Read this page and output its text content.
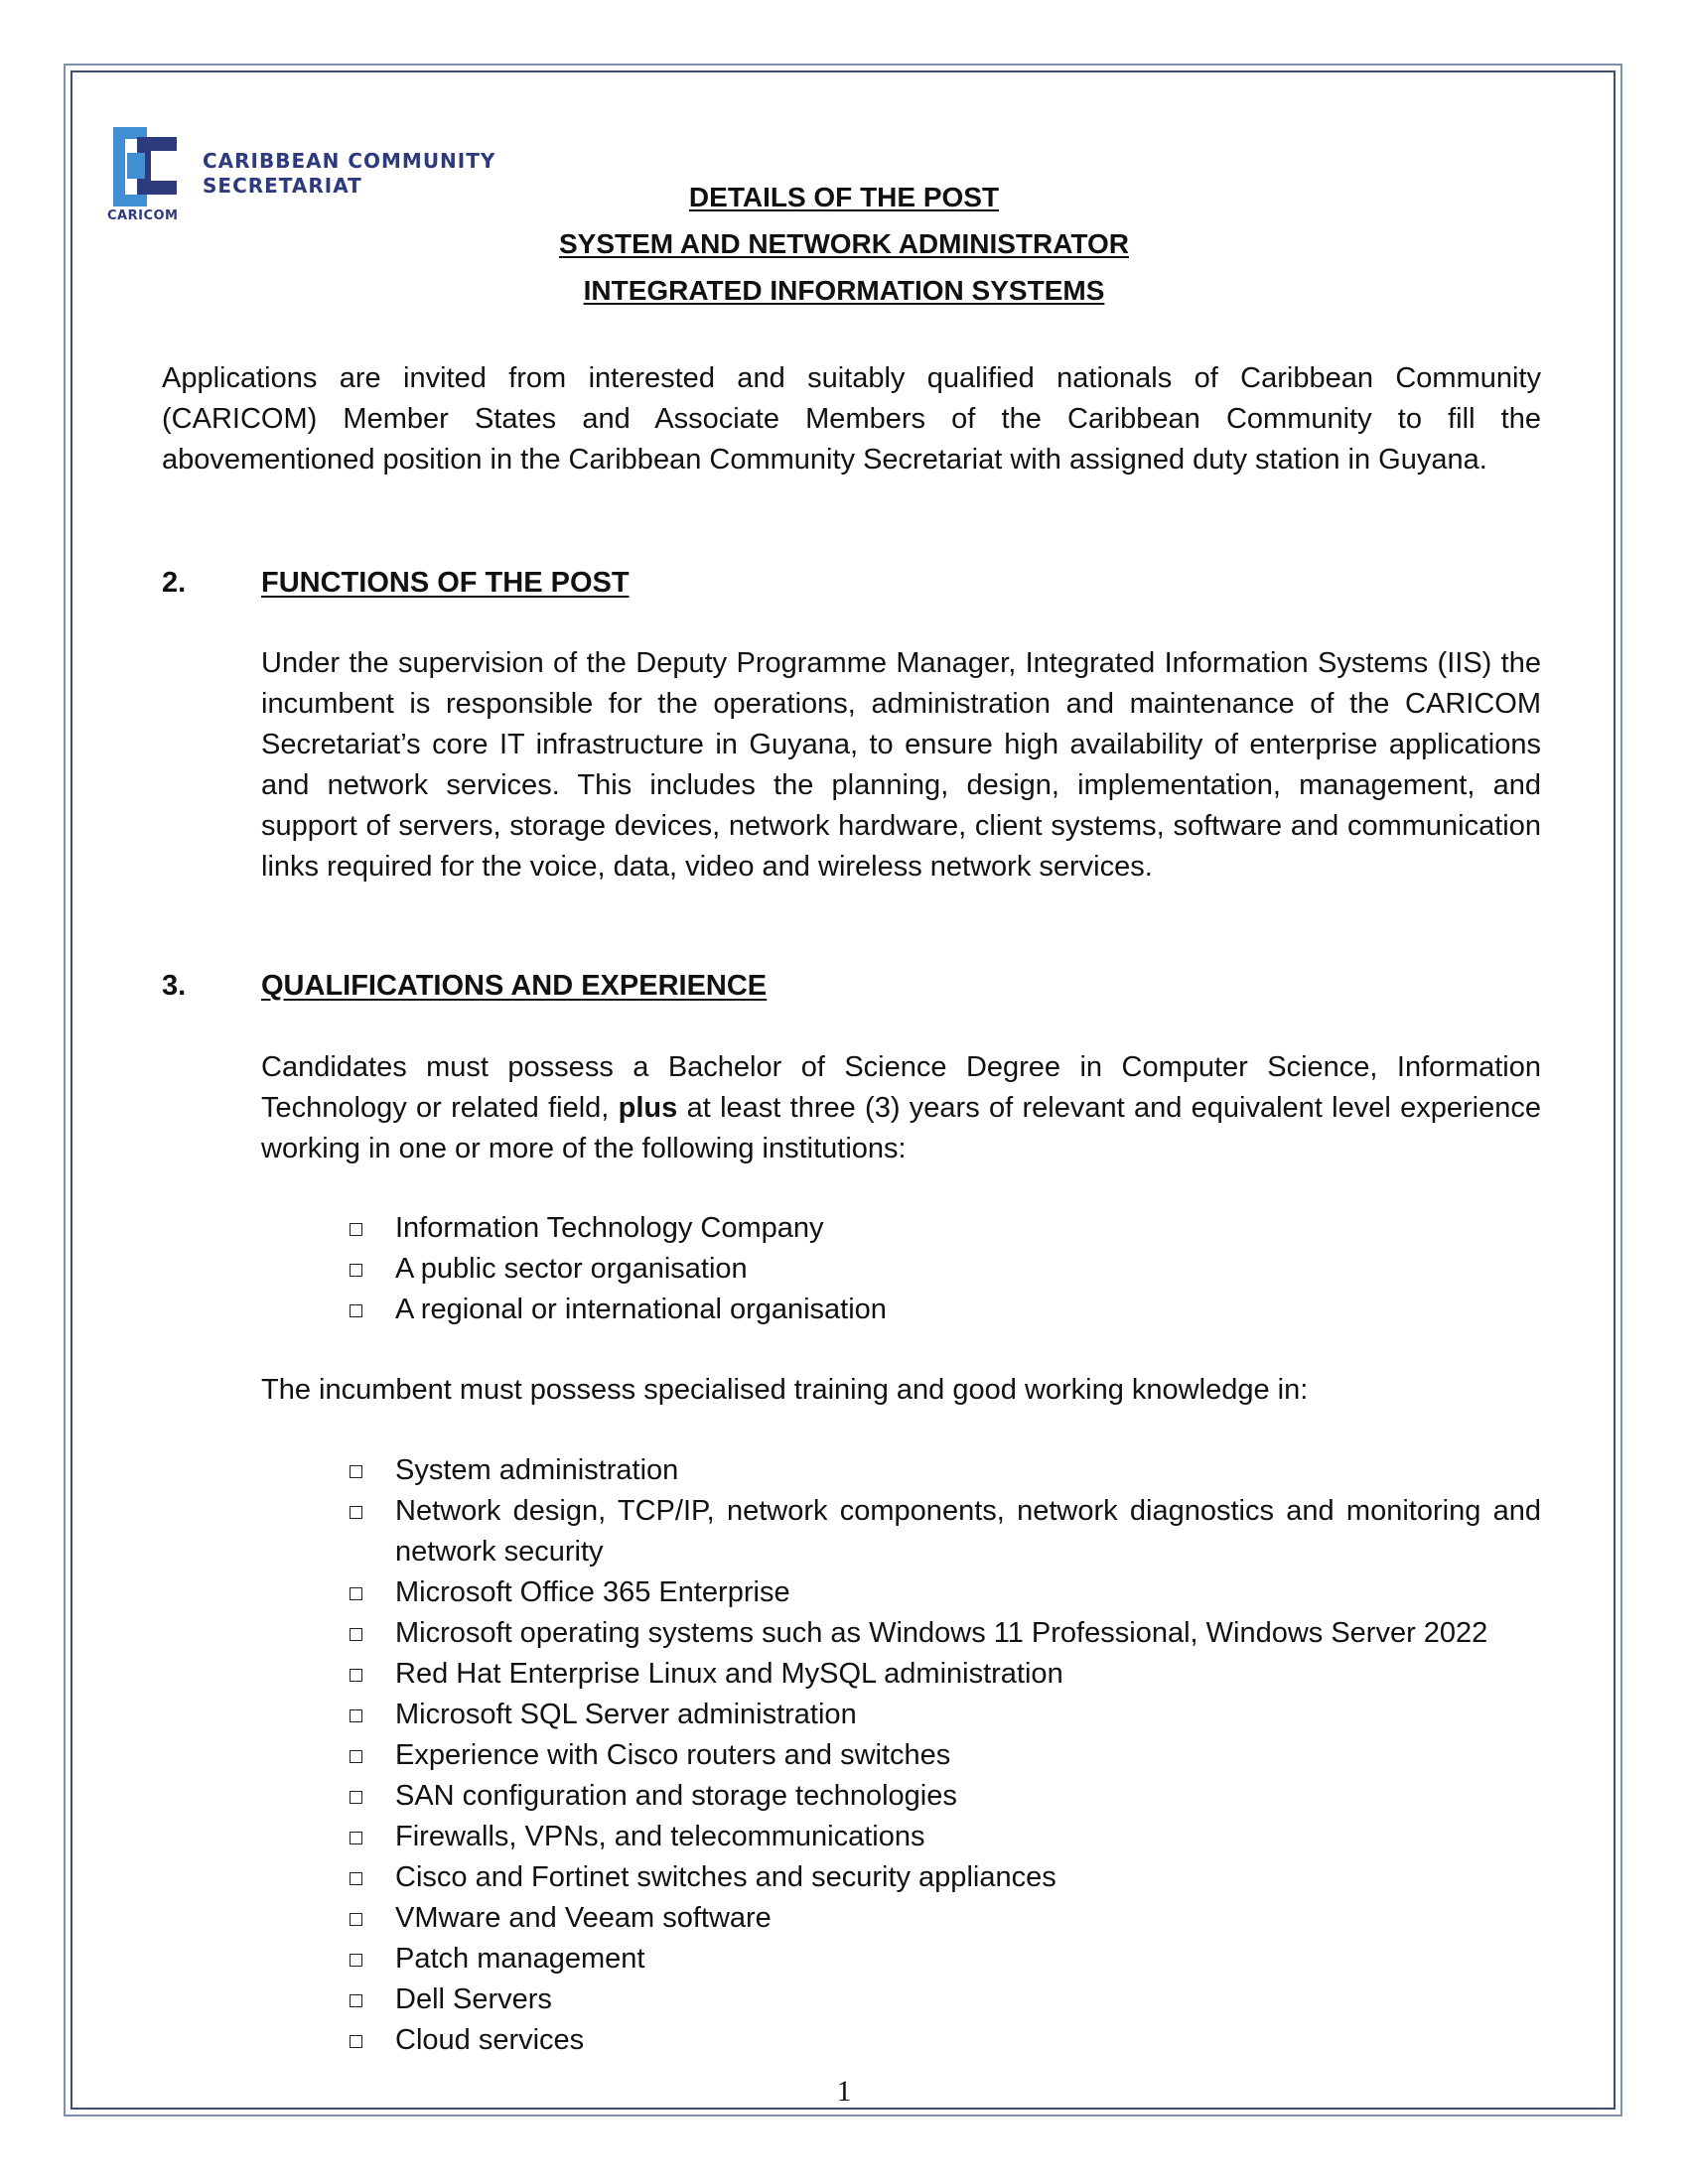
CARIBBEAN COMMUNITY
SECRETARIAT
CARICOM
DETAILS OF THE POST
SYSTEM AND NETWORK ADMINISTRATOR
INTEGRATED INFORMATION SYSTEMS
Applications are invited from interested and suitably qualified nationals of Caribbean Community (CARICOM) Member States and Associate Members of the Caribbean Community to fill the abovementioned position in the Caribbean Community Secretariat with assigned duty station in Guyana.
2.	FUNCTIONS OF THE POST
Under the supervision of the Deputy Programme Manager, Integrated Information Systems (IIS) the incumbent is responsible for the operations, administration and maintenance of the CARICOM Secretariat’s core IT infrastructure in Guyana, to ensure high availability of enterprise applications and network services. This includes the planning, design, implementation, management, and support of servers, storage devices, network hardware, client systems, software and communication links required for the voice, data, video and wireless network services.
3.	QUALIFICATIONS AND EXPERIENCE
Candidates must possess a Bachelor of Science Degree in Computer Science, Information Technology or related field, plus at least three (3) years of relevant and equivalent level experience working in one or more of the following institutions:
Information Technology Company
A public sector organisation
A regional or international organisation
The incumbent must possess specialised training and good working knowledge in:
System administration
Network design, TCP/IP, network components, network diagnostics and monitoring and network security
Microsoft Office 365 Enterprise
Microsoft operating systems such as Windows 11 Professional, Windows Server 2022
Red Hat Enterprise Linux and MySQL administration
Microsoft SQL Server administration
Experience with Cisco routers and switches
SAN configuration and storage technologies
Firewalls, VPNs, and telecommunications
Cisco and Fortinet switches and security appliances
VMware and Veeam software
Patch management
Dell Servers
Cloud services
1
